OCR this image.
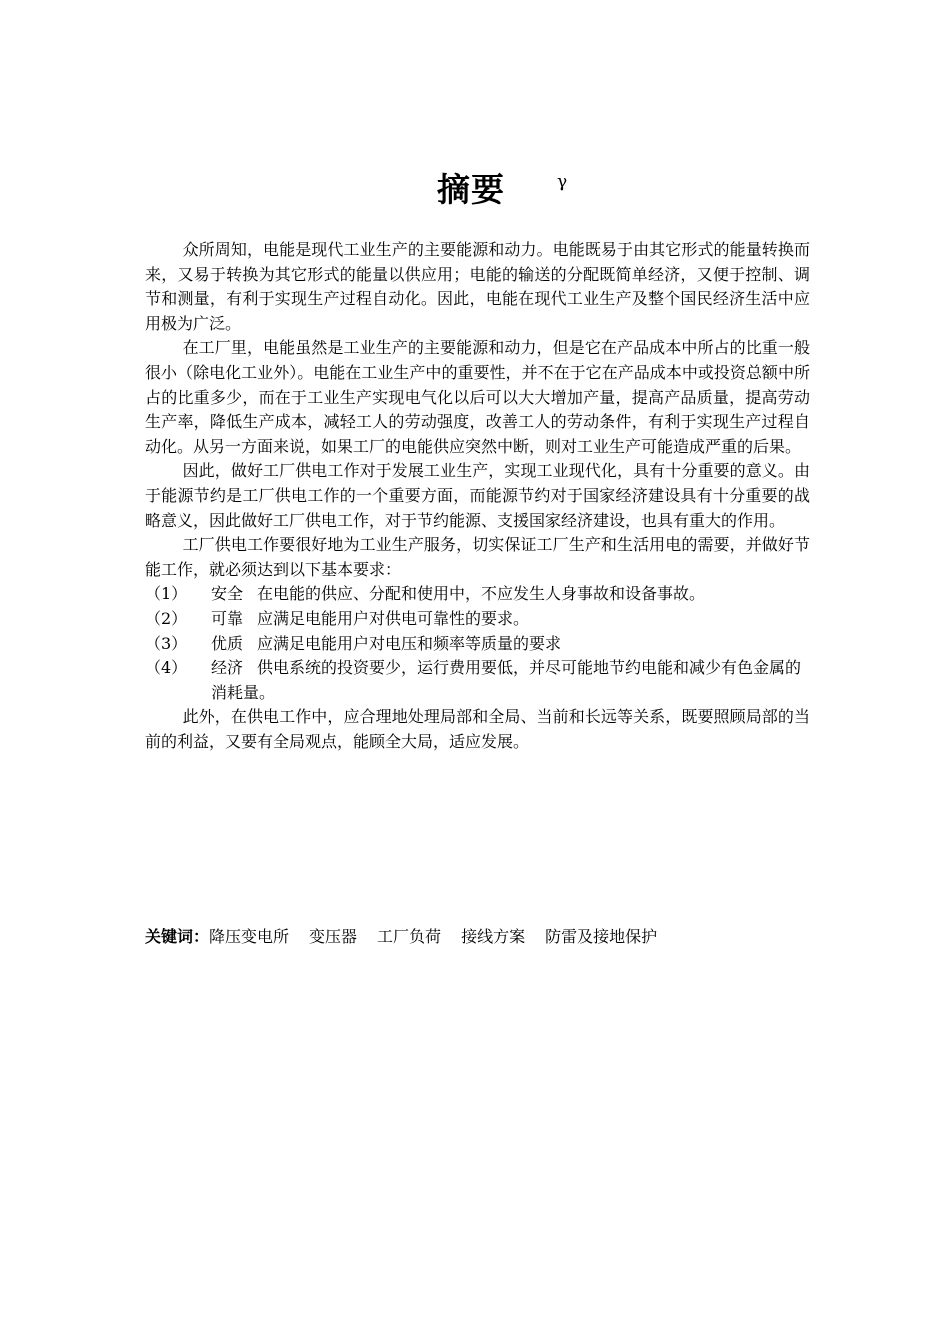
摘要	γ

众所周知，电能是现代工业生产的主要能源和动力。电能既易于由其它形式的能量转换而来，又易于转换为其它形式的能量以供应用；电能的输送的分配既简单经济，又便于控制、调节和测量，有利于实现生产过程自动化。因此，电能在现代工业生产及整个国民经济生活中应用极为广泛。

在工厂里，电能虽然是工业生产的主要能源和动力，但是它在产品成本中所占的比重一般很小（除电化工业外）。电能在工业生产中的重要性，并不在于它在产品成本中或投资总额中所占的比重多少，而在于工业生产实现电气化以后可以大大增加产量，提高产品质量，提高劳动生产率，降低生产成本，减轻工人的劳动强度，改善工人的劳动条件，有利于实现生产过程自动化。从另一方面来说，如果工厂的电能供应突然中断，则对工业生产可能造成严重的后果。

因此，做好工厂供电工作对于发展工业生产，实现工业现代化，具有十分重要的意义。由于能源节约是工厂供电工作的一个重要方面，而能源节约对于国家经济建设具有十分重要的战略意义，因此做好工厂供电工作，对于节约能源、支援国家经济建设，也具有重大的作用。

工厂供电工作要很好地为工业生产服务，切实保证工厂生产和生活用电的需要，并做好节能工作，就必须达到以下基本要求：

（1）	安全 在电能的供应、分配和使用中，不应发生人身事故和设备事故。
（2）	可靠 应满足电能用户对供电可靠性的要求。
（3）	优质 应满足电能用户对电压和频率等质量的要求
（4）	经济 供电系统的投资要少，运行费用要低，并尽可能地节约电能和减少有色金属的消耗量。

此外，在供电工作中，应合理地处理局部和全局、当前和长远等关系，既要照顾局部的当前的利益，又要有全局观点，能顾全大局，适应发展。

关键词：降压变电所 变压器 工厂负荷 接线方案 防雷及接地保护
